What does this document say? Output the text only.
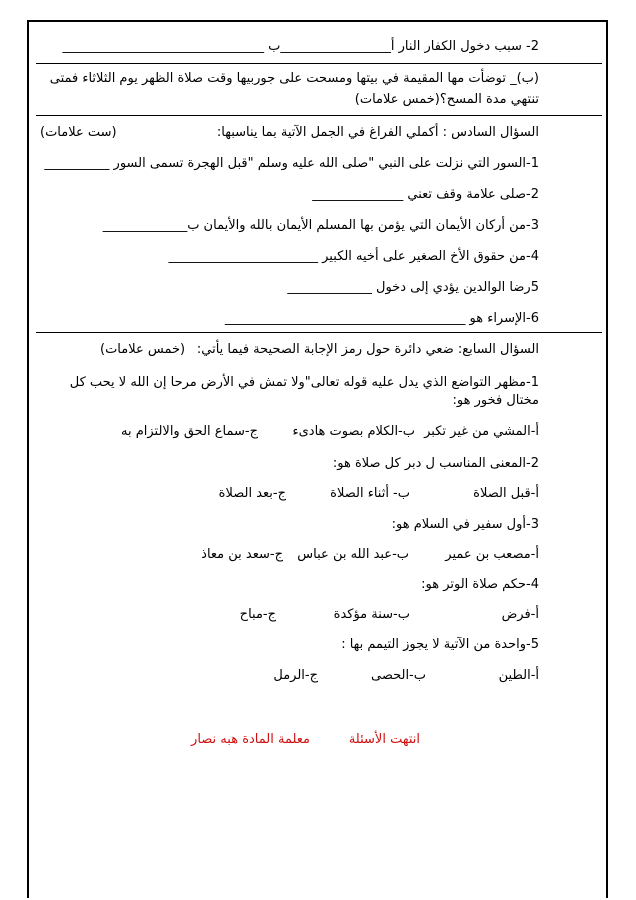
2- سبب دخول الكفار النار أ_________________ب _______________________________
(ب)_ توضأت مها المقيمة في بيتها ومسحت على جوربيها وقت صلاة الظهر يوم الثلاثاء فمتى
تنتهي مدة المسح؟(خمس علامات)
السؤال السادس : أكملي الفراغ في الجمل الآتية بما يناسبها:
(ست علامات)
1-السور التي نزلت على النبي "صلى الله عليه وسلم "قبل الهجرة تسمى السور __________
2-صلى علامة وقف تعني ______________
3-من أركان الأيمان التي يؤمن بها المسلم الأيمان بالله والأيمان ب_____________
4-من حقوق الأخ الصغير على أخيه الكبير _______________________
5رضا الوالدين يؤدي إلى دخول _____________
6-الإسراء هو _____________________________________
السؤال السابع: ضعي دائرة حول رمز الإجابة الصحيحة فيما يأتي:
(خمس علامات)
1-مظهر التواضع الذي يدل عليه قوله تعالى"ولا تمش في الأرض مرحا إن الله لا يحب كل
مختال فخور هو:
أ-المشي من غير تكبر
ب-الكلام بصوت هادىء
ج-سماع الحق والالتزام به
2-المعنى المناسب ل دبر كل صلاة هو:
أ-قبل الصلاة
ب- أثناء الصلاة
ج-بعد الصلاة
3-أول سفير في السلام هو:
أ-مصعب بن عمير
ب-عبد الله بن عباس
ج-سعد بن معاذ
4-حكم صلاة الوتر هو:
أ-فرض
ب-سنة مؤكدة
ج-مباح
5-واحدة من الآتية لا يجوز التيمم بها :
أ-الطين
ب-الحصى
ج-الرمل
انتهت الأسئلة
معلمة المادة هبه نصار
